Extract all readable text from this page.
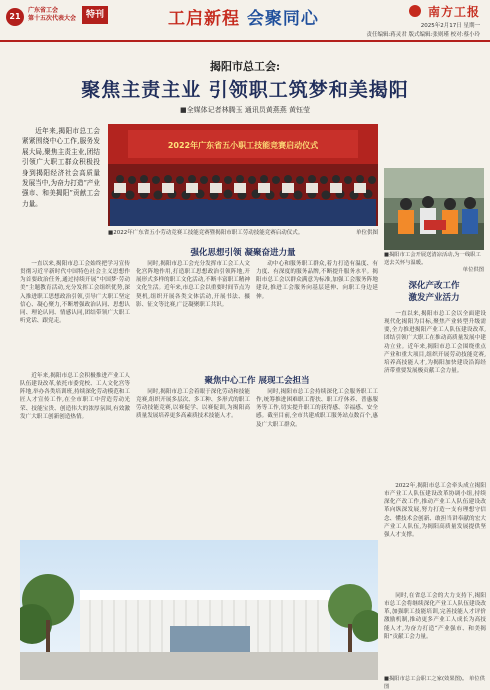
21
广东省工会
第十五次代表大会	特刊	工启新程 会聚同心	南方工报
2025年2月17日 星期一
责任编辑:蒋灵君 版式编辑:张则瑾 校对:蔡小玲
揭阳市总工会:
聚焦主责主业 引领职工筑梦和美揭阳
■全媒体记者林腾玉 通讯员黄燕燕 黄钰莹
近年来,揭阳市总工会紧紧围绕中心工作,服务发展大局,聚焦主责主业,团结引领广大职工群众积极投身到揭阳经济社会高质量发展当中,为奋力打造“产业强市、和美揭阳”贡献工会力量。
2022年广东省五小职工技能竞赛启动仪式
■2022年广东省五小劳动竞赛工技能竞赛暨揭阳市职工劳动技能竞赛启动仪式。	单位供图
■揭阳市工会开展送清凉活动,为一线职工送去关怀与温暖。
单位供图
强化思想引领 凝聚奋进力量
一直以来,揭阳市总工会始终把学习宣传贯彻习近平新时代中国特色社会主义思想作为首要政治任务,通过持续开展“中国梦·劳动美”主题教育活动,充分发挥工会组织优势,深入推进职工思想政治引领,引导广大职工坚定信心、凝心聚力,不断增强政治认同、思想认同、理论认同、情感认同,团结带领广大职工听党话、跟党走。
同时,揭阳市总工会充分发挥市工会工人文化宫阵地作用,打造职工思想政治引领阵地,开展形式多样的职工文化活动,不断丰富职工精神文化生活。近年来,市总工会以重要时间节点为契机,组织开展各类文体活动,开展书法、摄影、征文等比赛,广泛凝聚职工共识。
动中心和服务职工群众,着力打造有温度、有力度、有深度的服务品牌,不断提升服务水平。揭阳市总工会以群众满意为标准,加强工会服务阵地建设,推进工会服务向基层延伸、向职工身边延伸。
聚焦中心工作 展现工会担当
近年来,揭阳市总工会积极推进产业工人队伍建设改革,依托市委党校、工人文化宫等阵地,举办各类培训班,持续深化劳动模范和工匠人才宣传工作,在全市职工中营造劳动光荣、技能宝贵、创造伟大的浓厚氛围,有效激发广大职工创新创造热情。
同时,揭阳市总工会着眼于深化劳动和技能竞赛,组织开展多层次、多工种、多形式的职工劳动技能竞赛,以赛促学、以赛促训,为揭阳高质量发展培养更多高素质技术技能人才。
同时,揭阳市总工会持续深化工会服务职工工作,统筹推进困难职工帮扶、职工疗休养、普惠服务等工作,切实提升职工的获得感、幸福感、安全感。截至目前,全市共建成职工服务站点数百个,惠及广大职工群众。
深化产改工作
激发产业活力
一直以来,揭阳市总工会以全面建设现代化揭阳为目标,聚焦产业转型升级需要,全力推进揭阳产业工人队伍建设改革,团结引领广大职工在推动高质量发展中建功立业。近年来,揭阳市总工会围绕重点产业和重大项目,组织开展劳动技能竞赛,培养高技能人才,为揭阳加快建设沿海经济带重要发展极贡献工会力量。
2022年,揭阳市总工会牵头成立揭阳市产业工人队伍建设改革协调小组,持续深化产改工作,推动产业工人队伍建设改革向纵深发展,努力打造一支有理想守信念、懂技术会创新、敢担当讲奉献的宏大产业工人队伍,为揭阳高质量发展提供坚强人才支撑。
同时,在省总工会的大力支持下,揭阳市总工会将继续深化产业工人队伍建设改革,加强职工技能培训,完善技能人才评价激励机制,推动更多产业工人成长为高技能人才,为奋力打造“产业强市、和美揭阳”贡献工会力量。
■揭阳市总工会职工之家(效果图)。 单位供图
